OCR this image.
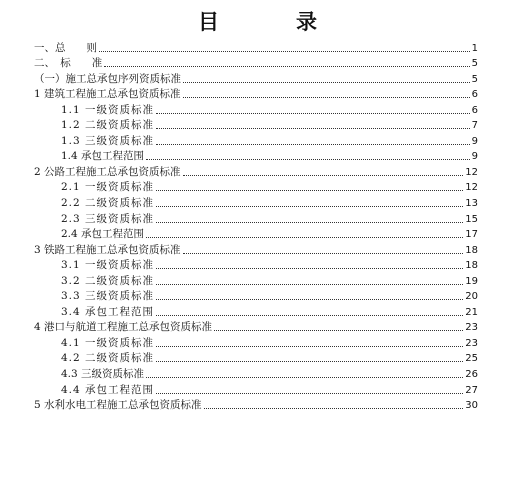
目　录
一、总　　则	1
二、　标　　准	5
（一）施工总承包序列资质标准	5
1 建筑工程施工总承包资质标准	6
1.1 一级资质标准	6
1.2 二级资质标准	7
1.3 三级资质标准	9
1.4 承包工程范围	9
2 公路工程施工总承包资质标准	12
2.1 一级资质标准	12
2.2 二级资质标准	13
2.3 三级资质标准	15
2.4 承包工程范围	17
3 铁路工程施工总承包资质标准	18
3.1 一级资质标准	18
3.2 二级资质标准	19
3.3 三级资质标准	20
3.4 承包工程范围	21
4 港口与航道工程施工总承包资质标准	23
4.1 一级资质标准	23
4.2 二级资质标准	25
4.3 三级资质标准	26
4.4 承包工程范围	27
5 水利水电工程施工总承包资质标准	30
